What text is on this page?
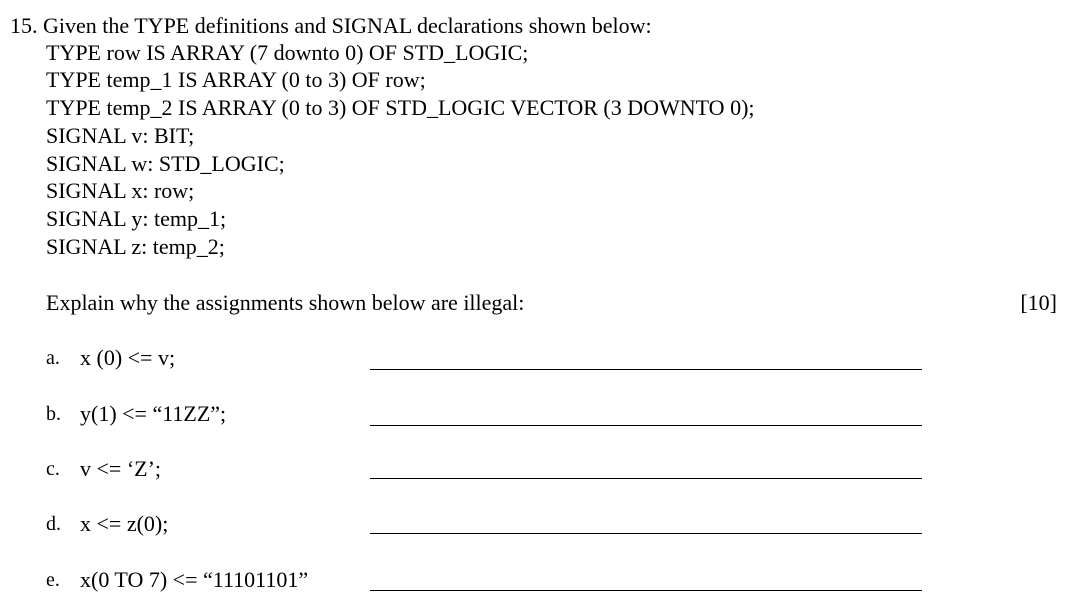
15. Given the TYPE definitions and SIGNAL declarations shown below:
TYPE row IS ARRAY (7 downto 0) OF STD_LOGIC;
TYPE temp_1 IS ARRAY (0 to 3) OF row;
TYPE temp_2 IS ARRAY (0 to 3) OF STD_LOGIC VECTOR (3 DOWNTO 0);
SIGNAL v: BIT;
SIGNAL w: STD_LOGIC;
SIGNAL x: row;
SIGNAL y: temp_1;
SIGNAL z: temp_2;
Explain why the assignments shown below are illegal:	[10]
a. x (0) <= v;
b. y(1) <= “11ZZ”;
c. v <= ‘Z’;
d. x <= z(0);
e. x(0 TO 7) <= “11101101”
